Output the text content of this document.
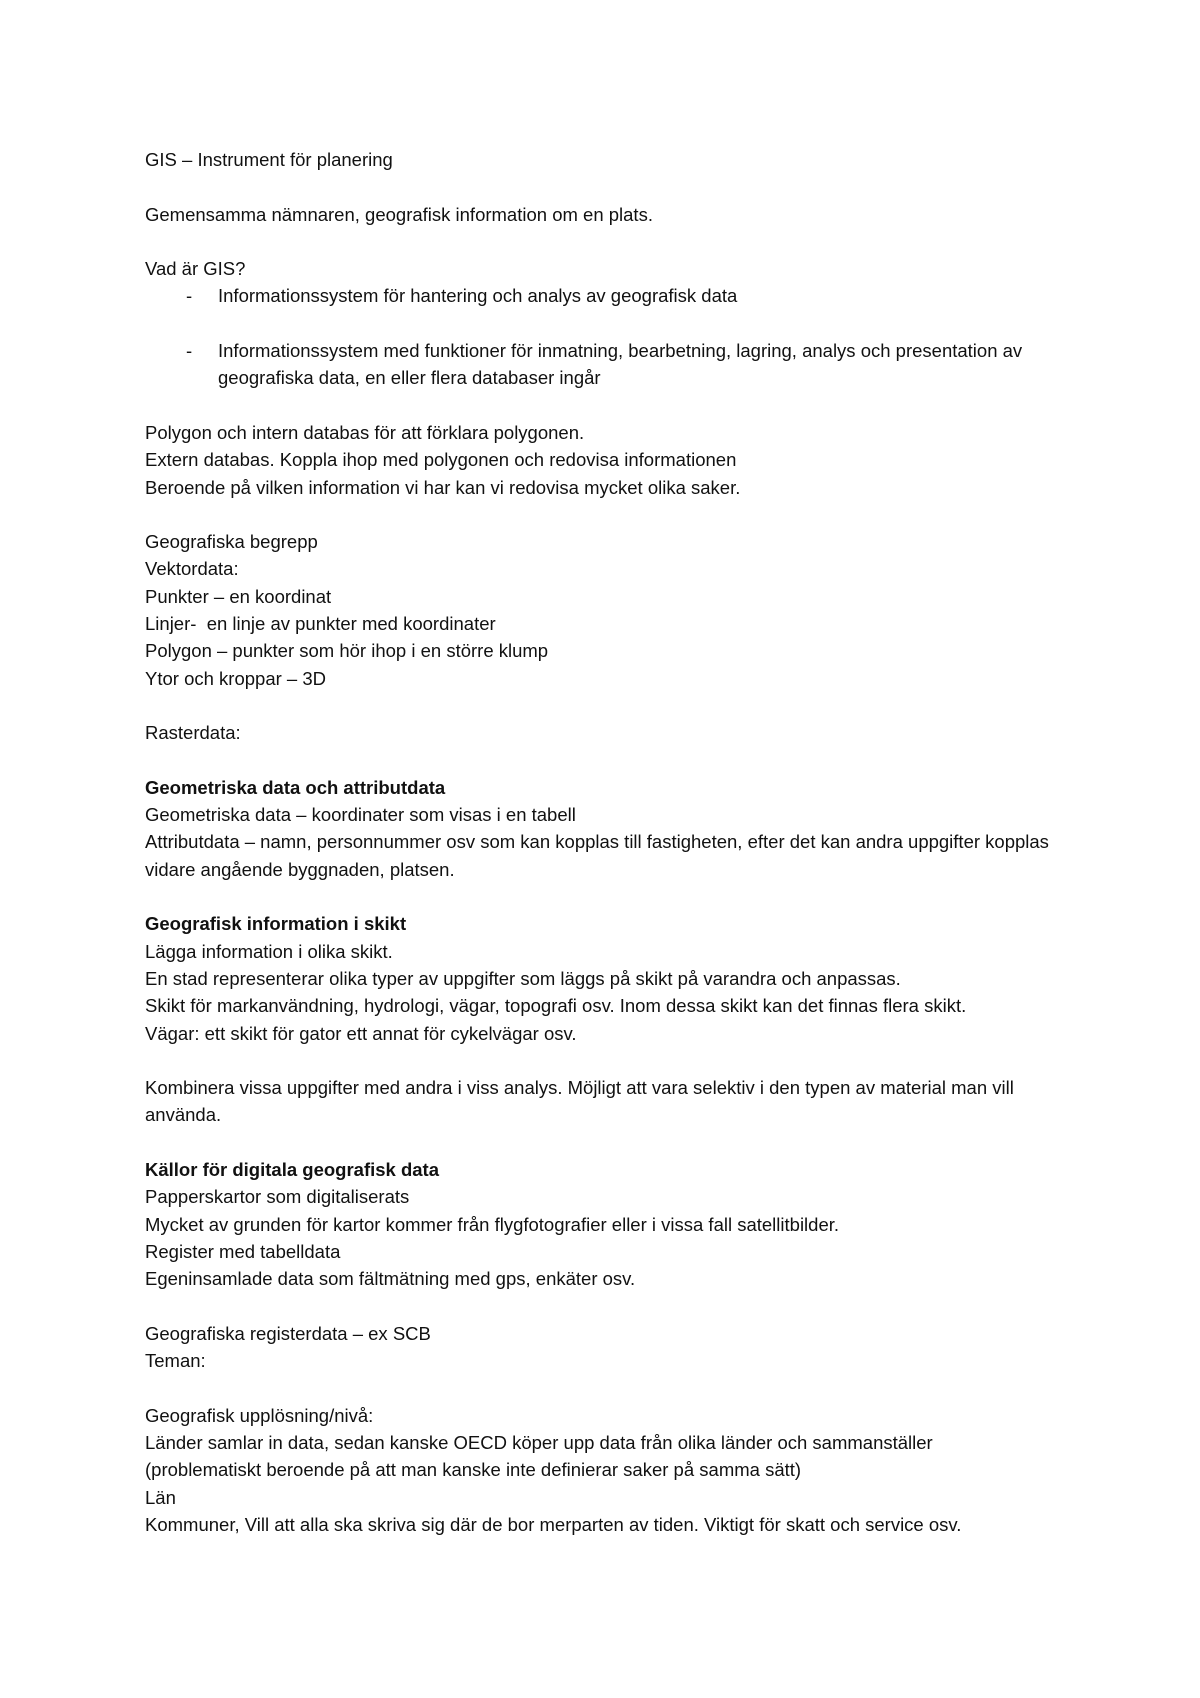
GIS – Instrument för planering
Gemensamma nämnaren, geografisk information om en plats.
Vad är GIS?
- Informationssystem för hantering och analys av geografisk data
- Informationssystem med funktioner för inmatning, bearbetning, lagring, analys och presentation av geografiska data, en eller flera databaser ingår
Polygon och intern databas för att förklara polygonen.
Extern databas. Koppla ihop med polygonen och redovisa informationen
Beroende på vilken information vi har kan vi redovisa mycket olika saker.
Geografiska begrepp
Vektordata:
Punkter – en koordinat
Linjer-  en linje av punkter med koordinater
Polygon – punkter som hör ihop i en större klump
Ytor och kroppar – 3D
Rasterdata:
Geometriska data och attributdata
Geometriska data – koordinater som visas i en tabell
Attributdata – namn, personnummer osv som kan kopplas till fastigheten, efter det kan andra uppgifter kopplas vidare angående byggnaden, platsen.
Geografisk information i skikt
Lägga information i olika skikt.
En stad representerar olika typer av uppgifter som läggs på skikt på varandra och anpassas.
Skikt för markanvändning, hydrologi, vägar, topografi osv. Inom dessa skikt kan det finnas flera skikt.
Vägar: ett skikt för gator ett annat för cykelvägar osv.
Kombinera vissa uppgifter med andra i viss analys. Möjligt att vara selektiv i den typen av material man vill använda.
Källor för digitala geografisk data
Papperskartor som digitaliserats
Mycket av grunden för kartor kommer från flygfotografier eller i vissa fall satellitbilder.
Register med tabelldata
Egeninsamlade data som fältmätning med gps, enkäter osv.
Geografiska registerdata – ex SCB
Teman:
Geografisk upplösning/nivå:
Länder samlar in data, sedan kanske OECD köper upp data från olika länder och sammanställer
(problematiskt beroende på att man kanske inte definierar saker på samma sätt)
Län
Kommuner, Vill att alla ska skriva sig där de bor merparten av tiden. Viktigt för skatt och service osv.
